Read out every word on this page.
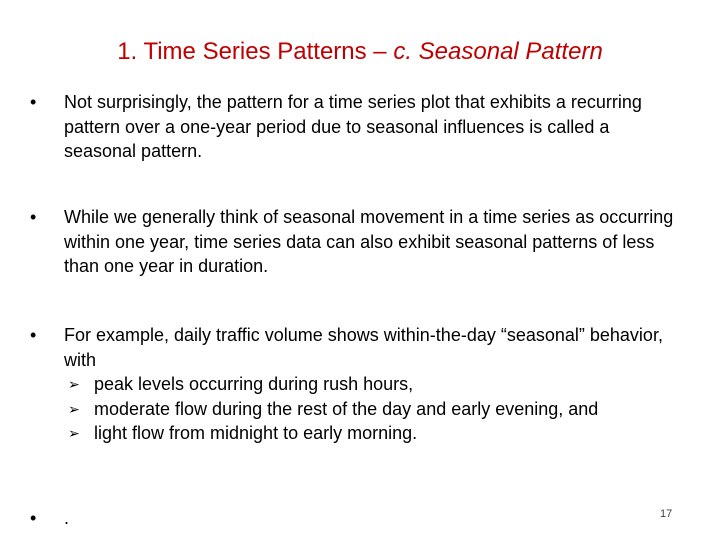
1. Time Series Patterns – c. Seasonal Pattern
•	Not surprisingly, the pattern for a time series plot that exhibits a recurring pattern over a one-year period due to seasonal influences is called a seasonal pattern.
•	While we generally think of seasonal movement in a time series as occurring within one year, time series data can also exhibit seasonal patterns of less than one year in duration.
•	For example, daily traffic volume shows within-the-day “seasonal” behavior, with
➢ peak levels occurring during rush hours,
➢ moderate flow during the rest of the day and early evening, and
➢ light flow from midnight to early morning.
•	.	17
